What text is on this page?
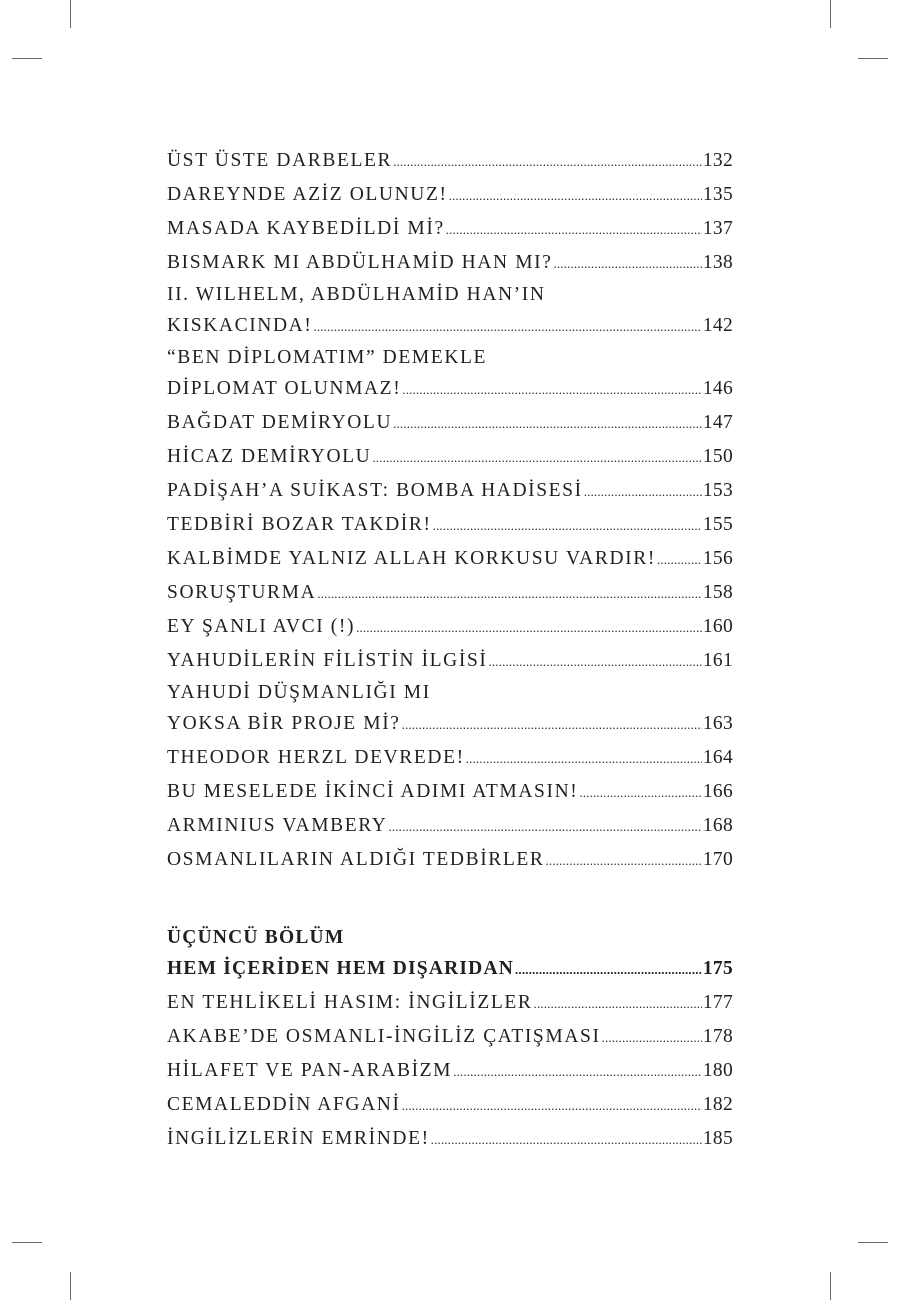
ÜST ÜSTE DARBELER . . .	132
DAREYNDE AZİZ OLUNUZ! . . .	135
MASADA KAYBEDİLDİ Mİ? . . .	137
BISMARK MI ABDÜLHAMİD HAN MI? . . .	138
II. WILHELM, ABDÜLHAMİD HAN’IN
KISKACINDA! . . .	142
“BEN DİPLOMATIM” DEMEKLE
DİPLOMAT OLUNMAZ! . . .	146
BAĞDAT DEMİRYOLU . . .	147
HİCAZ DEMİRYOLU . . .	150
PADİŞAH’A SUİKAST: BOMBA HADİSESİ . . .	153
TEDBİRİ BOZAR TAKDİR! . . .	155
KALBİMDE YALNIZ ALLAH KORKUSU VARDIR! . . . 156
SORUŞTURMA . . .	158
EY ŞANLI AVCI (!) . . .	160
YAHUDİLERİN FİLİSTİN İLGİSİ . . .	161
YAHUDİ DÜŞMANLIĞI MI
YOKSA BİR PROJE Mİ? . . .	163
THEODOR HERZL DEVREDE! . . .	164
BU MESELEDE İKİNCİ ADIMI ATMASIN! . . .	166
ARMINIUS VAMBERY . . .	168
OSMANLILARIN ALDIĞI TEDBİRLER . . .	170
ÜÇÜNCÜ BÖLÜM
HEM İÇERİDEN HEM DIŞARIDAN . . .	175
EN TEHLİKELİ HASIM: İNGİLİZLER . . .	177
AKABE’DE OSMANLI-İNGİLİZ ÇATIŞMASI . . .	178
HİLAFET VE PAN-ARABİZM . . .	180
CEMALEDDİN AFGANİ . . .	182
İNGİLİZLERİN EMRİNDE! . . .	185
